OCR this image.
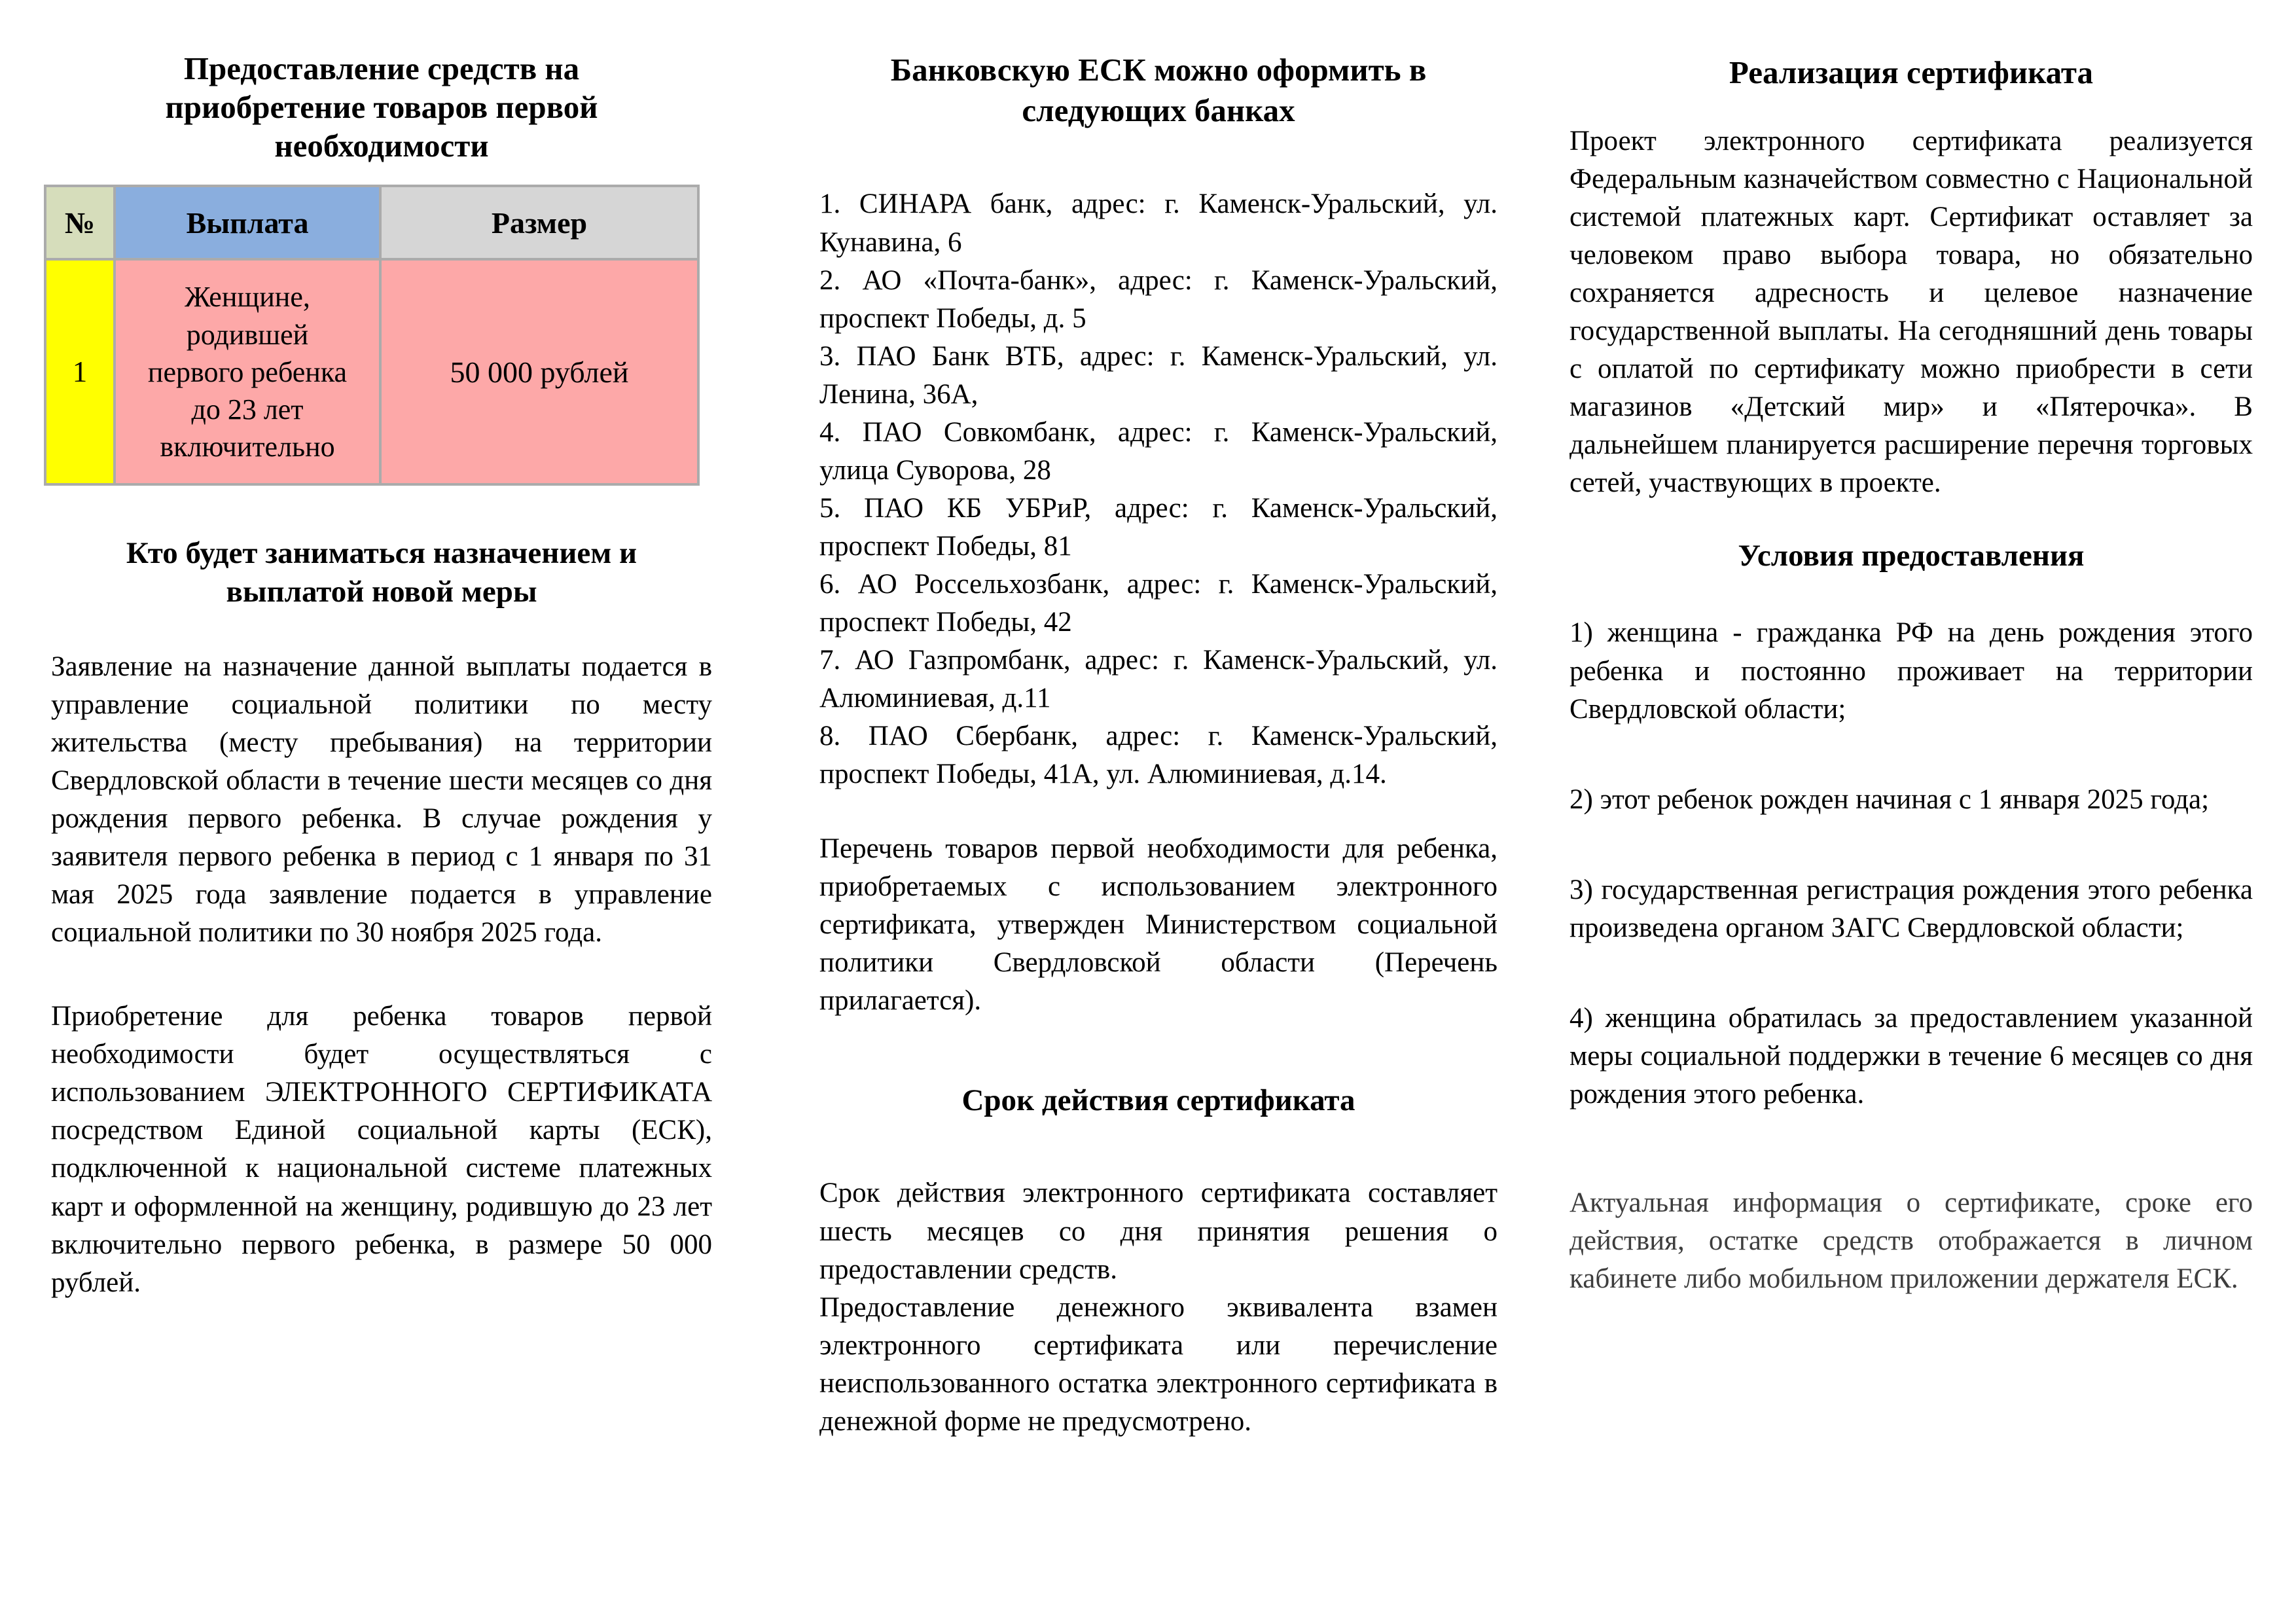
Предоставление средств на приобретение товаров первой необходимости
№	Выплата	Размер

1	Женщине, родившей первого ребенка до 23 лет включительно	50 000 рублей
Кто будет заниматься назначением и выплатой новой меры

Заявление на назначение данной выплаты подается в управление социальной политики по месту жительства (месту пребывания) на территории Свердловской области в течение шести месяцев со дня рождения первого ребенка. В случае рождения у заявителя первого ребенка в период с 1 января по 31 мая 2025 года заявление подается в управление социальной политики по 30 ноября 2025 года.

Приобретение для ребенка товаров первой необходимости будет осуществляться с использованием ЭЛЕКТРОННОГО СЕРТИФИКАТА посредством Единой социальной карты (ЕСК), подключенной к национальной системе платежных карт и оформленной на женщину, родившую до 23 лет включительно первого ребенка, в размере 50 000 рублей.

Банковскую ЕСК можно оформить в следующих банках

1. СИНАРА банк, адрес: г. Каменск-Уральский, ул. Кунавина, 6

2. АО «Почта-банк», адрес: г. Каменск-Уральский, проспект Победы, д. 5

3. ПАО Банк ВТБ, адрес: г. Каменск-Уральский, ул. Ленина, 36А,

4. ПАО Совкомбанк, адрес: г. Каменск-Уральский, улица Суворова, 28

5. ПАО КБ УБРиР, адрес: г. Каменск-Уральский, проспект Победы, 81

6. АО Россельхозбанк, адрес: г. Каменск-Уральский, проспект Победы, 42

7. АО Газпромбанк, адрес: г. Каменск-Уральский, ул. Алюминиевая, д.11

8. ПАО Сбербанк, адрес: г. Каменск-Уральский, проспект Победы, 41А, ул. Алюминиевая, д.14.

Перечень товаров первой необходимости для ребенка, приобретаемых с использованием электронного сертификата, утвержден Министерством социальной политики Свердловской области (Перечень прилагается).

Срок действия сертификата

Срок действия электронного сертификата составляет шесть месяцев со дня принятия решения о предоставлении средств.

Предоставление денежного эквивалента взамен электронного сертификата или перечисление неиспользованного остатка электронного сертификата в денежной форме не предусмотрено.

Реализация сертификата

Проект электронного сертификата реализуется Федеральным казначейством совместно с Национальной системой платежных карт. Сертификат оставляет за человеком право выбора товара, но обязательно сохраняется адресность и целевое назначение государственной выплаты. На сегодняшний день товары с оплатой по сертификату можно приобрести в сети магазинов «Детский мир» и «Пятерочка». В дальнейшем планируется расширение перечня торговых сетей, участвующих в проекте.

Условия предоставления

1) женщина - гражданка РФ на день рождения этого ребенка и постоянно проживает на территории Свердловской области;

2) этот ребенок рожден начиная с 1 января 2025 года;

3) государственная регистрация рождения этого ребенка произведена органом ЗАГС Свердловской области;

4) женщина обратилась за предоставлением указанной меры социальной поддержки в течение 6 месяцев со дня рождения этого ребенка.

Актуальная информация о сертификате, сроке его действия, остатке средств отображается в личном кабинете либо мобильном приложении держателя ЕСК.
